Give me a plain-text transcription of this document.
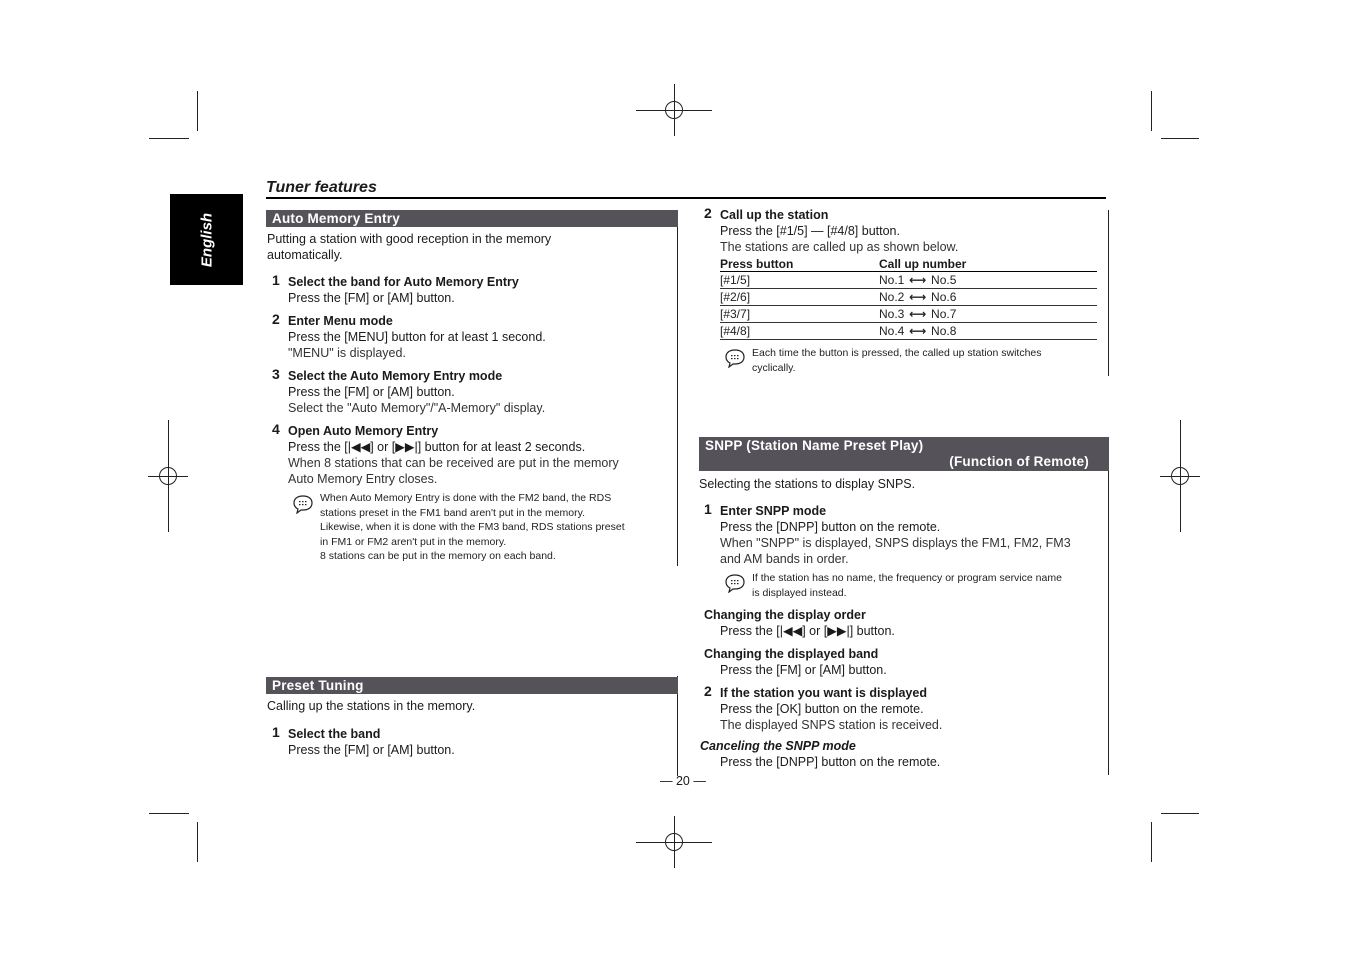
English
Tuner features
Auto Memory Entry
Putting a station with good reception in the memory
automatically.
1 Select the band for Auto Memory Entry
Press the [FM] or [AM] button.
2 Enter Menu mode
Press the [MENU] button for at least 1 second.
"MENU" is displayed.
3 Select the Auto Memory Entry mode
Press the [FM] or [AM] button.
Select the "Auto Memory"/"A-Memory" display.
4 Open Auto Memory Entry
Press the [|◀◀] or [▶▶|] button for at least 2 seconds.
When 8 stations that can be received are put in the memory
Auto Memory Entry closes.
When Auto Memory Entry is done with the FM2 band, the RDS
stations preset in the FM1 band aren't put in the memory.
Likewise, when it is done with the FM3 band, RDS stations preset
in FM1 or FM2 aren't put in the memory.
8 stations can be put in the memory on each band.
Preset Tuning
Calling up the stations in the memory.
1 Select the band
Press the [FM] or [AM] button.
2 Call up the station
Press the [#1/5] — [#4/8] button.
The stations are called up as shown below.
Press button	Call up number
[#1/5]	No.1 ⟷ No.5
[#2/6]	No.2 ⟷ No.6
[#3/7]	No.3 ⟷ No.7
[#4/8]	No.4 ⟷ No.8
Each time the button is pressed, the called up station switches
cyclically.
SNPP (Station Name Preset Play)
(Function of Remote)
Selecting the stations to display SNPS.
1 Enter SNPP mode
Press the [DNPP] button on the remote.
When "SNPP" is displayed, SNPS displays the FM1, FM2, FM3
and AM bands in order.
If the station has no name, the frequency or program service name
is displayed instead.
Changing the display order
Press the [|◀◀] or [▶▶|] button.
Changing the displayed band
Press the [FM] or [AM] button.
2 If the station you want is displayed
Press the [OK] button on the remote.
The displayed SNPS station is received.
Canceling the SNPP mode
Press the [DNPP] button on the remote.
— 20 —
